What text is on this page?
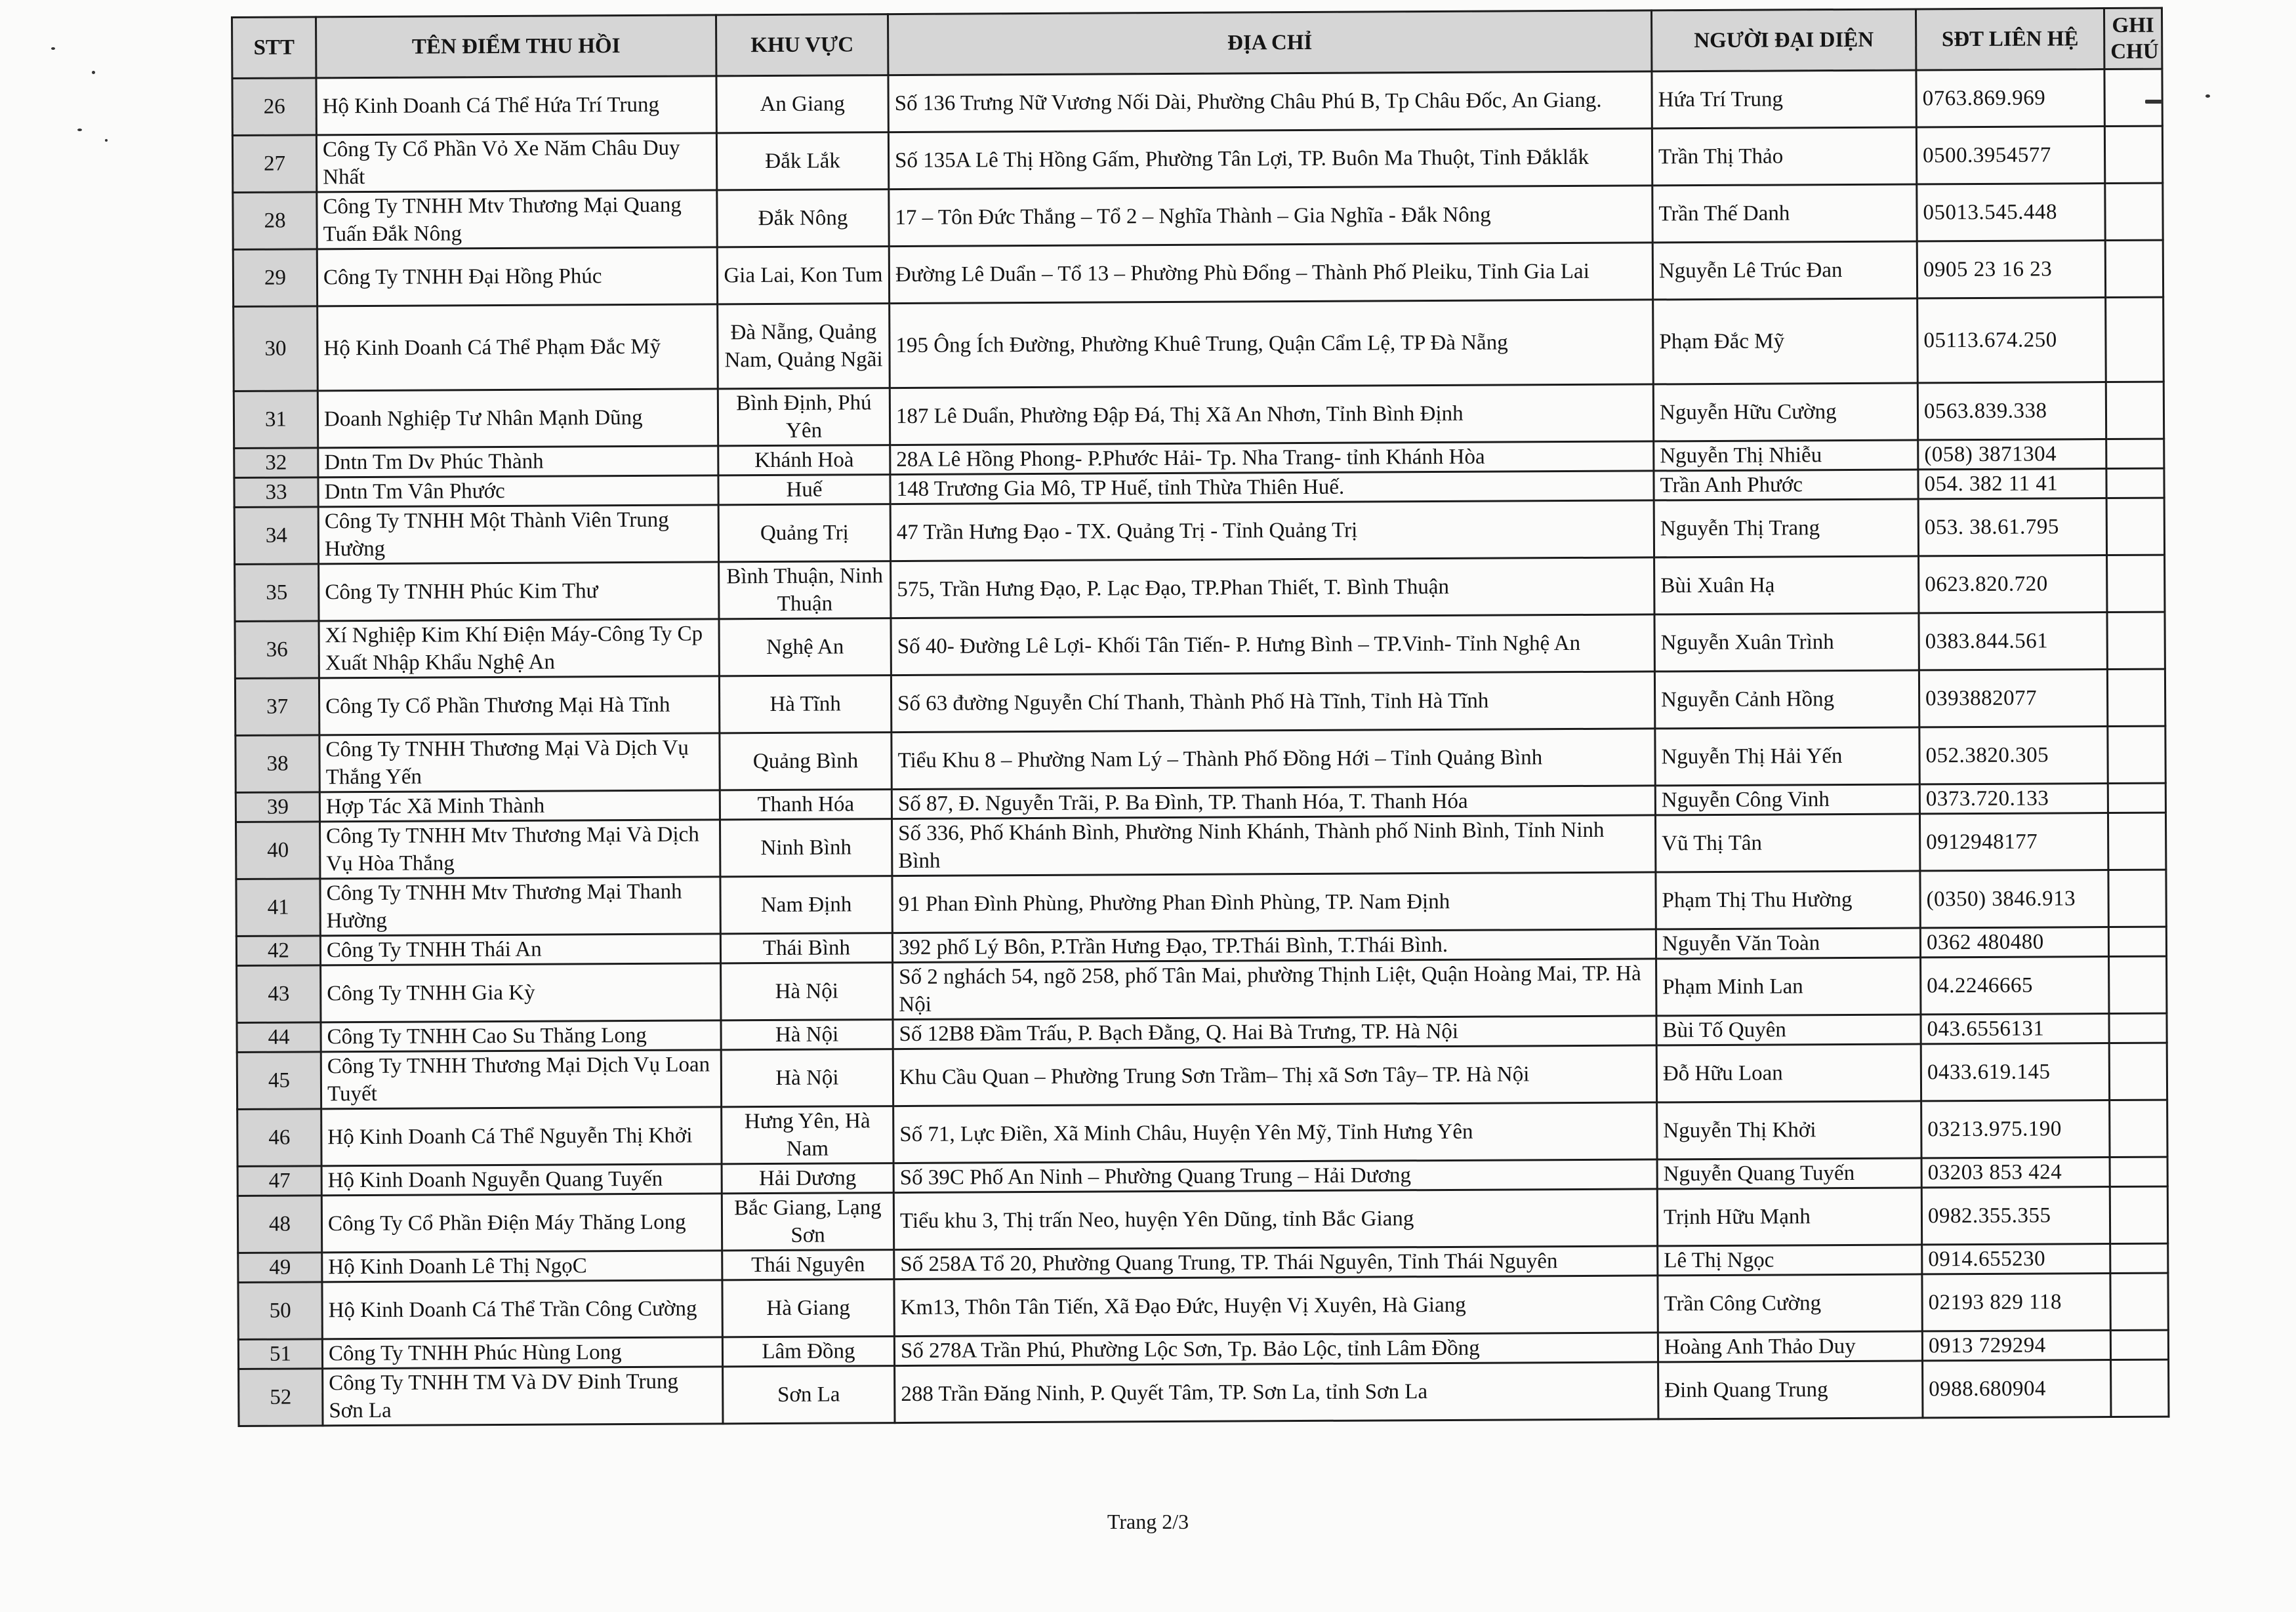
STT	TÊN ĐIỂM THU HỒI	KHU VỰC	ĐỊA CHỈ	NGƯỜI ĐẠI DIỆN	SĐT LIÊN HỆ	GHI CHÚ
26	Hộ Kinh Doanh Cá Thể Hứa Trí Trung	An Giang	Số 136 Trưng Nữ Vương Nối Dài, Phường Châu Phú B, Tp Châu Đốc, An Giang.	Hứa Trí Trung	0763.869.969	
27	Công Ty Cổ Phần Vỏ Xe Năm Châu Duy Nhất	Đắk Lắk	Số 135A Lê Thị Hồng Gấm, Phường Tân Lợi, TP. Buôn Ma Thuột, Tỉnh Đắklắk	Trần Thị Thảo	0500.3954577	
28	Công Ty TNHH Mtv Thương Mại Quang Tuấn Đắk Nông	Đắk Nông	17 – Tôn Đức Thắng – Tổ 2 – Nghĩa Thành – Gia Nghĩa - Đắk Nông	Trần Thế Danh	05013.545.448	
29	Công Ty TNHH Đại Hồng Phúc	Gia Lai, Kon Tum	Đường Lê Duẩn – Tổ 13 – Phường Phù Đổng – Thành Phố Pleiku, Tỉnh Gia Lai	Nguyễn Lê Trúc Đan	0905 23 16 23	
30	Hộ Kinh Doanh Cá Thể Phạm Đắc Mỹ	Đà Nẵng, Quảng Nam, Quảng Ngãi	195 Ông Ích Đường, Phường Khuê Trung, Quận Cẩm Lệ, TP Đà Nẵng	Phạm Đắc Mỹ	05113.674.250	
31	Doanh Nghiệp Tư Nhân Mạnh Dũng	Bình Định, Phú Yên	187 Lê Duẩn, Phường Đập Đá, Thị Xã An Nhơn, Tỉnh Bình Định	Nguyễn Hữu Cường	0563.839.338	
32	Dntn Tm Dv Phúc Thành	Khánh Hoà	28A Lê Hồng Phong- P.Phước Hải- Tp. Nha Trang- tỉnh Khánh Hòa	Nguyễn Thị Nhiễu	(058) 3871304	
33	Dntn Tm Vân Phước	Huế	148 Trương Gia Mô, TP Huế, tỉnh Thừa Thiên Huế.	Trần Anh Phước	054. 382 11 41	
34	Công Ty TNHH Một Thành Viên Trung Hường	Quảng Trị	47 Trần Hưng Đạo - TX. Quảng Trị - Tỉnh Quảng Trị	Nguyễn Thị Trang	053. 38.61.795	
35	Công Ty TNHH Phúc Kim Thư	Bình Thuận, Ninh Thuận	575, Trần Hưng Đạo, P. Lạc Đạo, TP.Phan Thiết, T. Bình Thuận	Bùi Xuân Hạ	0623.820.720	
36	Xí Nghiệp Kim Khí Điện Máy-Công Ty Cp Xuất Nhập Khẩu Nghệ An	Nghệ An	Số 40- Đường Lê Lợi- Khối Tân Tiến- P. Hưng Bình – TP.Vinh- Tỉnh Nghệ An	Nguyễn Xuân Trình	0383.844.561	
37	Công Ty Cổ Phần Thương Mại Hà Tĩnh	Hà Tĩnh	Số 63 đường Nguyễn Chí Thanh, Thành Phố Hà Tĩnh, Tỉnh Hà Tĩnh	Nguyễn Cảnh Hồng	0393882077	
38	Công Ty TNHH Thương Mại Và Dịch Vụ Thắng Yến	Quảng Bình	Tiểu Khu 8 – Phường Nam Lý – Thành Phố Đồng Hới – Tỉnh Quảng Bình	Nguyễn Thị Hải Yến	052.3820.305	
39	Hợp Tác Xã Minh Thành	Thanh Hóa	Số 87, Đ. Nguyễn Trãi, P. Ba Đình, TP. Thanh Hóa, T. Thanh Hóa	Nguyễn Công Vinh	0373.720.133	
40	Công Ty TNHH Mtv Thương Mại Và Dịch Vụ Hòa Thắng	Ninh Bình	Số 336, Phố Khánh Bình, Phường Ninh Khánh, Thành phố Ninh Bình, Tỉnh Ninh Bình	Vũ Thị Tân	0912948177	
41	Công Ty TNHH Mtv Thương Mại Thanh Hường	Nam Định	91 Phan Đình Phùng, Phường Phan Đình Phùng, TP. Nam Định	Phạm Thị Thu Hường	(0350) 3846.913	
42	Công Ty TNHH Thái An	Thái Bình	392 phố Lý Bôn, P.Trần Hưng Đạo, TP.Thái Bình, T.Thái Bình.	Nguyễn Văn Toàn	0362 480480	
43	Công Ty TNHH Gia Kỳ	Hà Nội	Số 2 nghách 54, ngõ 258, phố Tân Mai, phường Thịnh Liệt, Quận Hoàng Mai, TP. Hà Nội	Phạm Minh Lan	04.2246665	
44	Công Ty TNHH Cao Su Thăng Long	Hà Nội	Số 12B8 Đầm Trấu, P. Bạch Đằng, Q. Hai Bà Trưng, TP. Hà Nội	Bùi Tố Quyên	043.6556131	
45	Công Ty TNHH Thương Mại Dịch Vụ Loan Tuyết	Hà Nội	Khu Cầu Quan – Phường Trung Sơn Trầm– Thị xã Sơn Tây– TP. Hà Nội	Đỗ Hữu Loan	0433.619.145	
46	Hộ Kinh Doanh Cá Thể Nguyễn Thị Khởi	Hưng Yên, Hà Nam	Số 71, Lực Điền, Xã Minh Châu, Huyện Yên Mỹ, Tỉnh Hưng Yên	Nguyễn Thị Khởi	03213.975.190	
47	Hộ Kinh Doanh Nguyễn Quang Tuyến	Hải Dương	Số 39C Phố An Ninh – Phường Quang Trung – Hải Dương	Nguyễn Quang Tuyến	03203 853 424	
48	Công Ty Cổ Phần Điện Máy Thăng Long	Bắc Giang, Lạng Sơn	Tiểu khu 3, Thị trấn Neo, huyện Yên Dũng, tỉnh Bắc Giang	Trịnh Hữu Mạnh	0982.355.355	
49	Hộ Kinh Doanh Lê Thị NgọC	Thái Nguyên	Số 258A Tổ 20, Phường Quang Trung, TP. Thái Nguyên, Tỉnh Thái Nguyên	Lê Thị Ngọc	0914.655230	
50	Hộ Kinh Doanh Cá Thể Trần Công Cường	Hà Giang	Km13, Thôn Tân Tiến, Xã Đạo Đức, Huyện Vị Xuyên, Hà Giang	Trần Công Cường	02193 829 118	
51	Công Ty TNHH Phúc Hùng Long	Lâm Đồng	Số 278A Trần Phú, Phường Lộc Sơn, Tp. Bảo Lộc, tỉnh Lâm Đồng	Hoàng Anh Thảo Duy	0913 729294	
52	Công Ty TNHH TM Và DV Đinh Trung Sơn La	Sơn La	288 Trần Đăng Ninh, P. Quyết Tâm, TP. Sơn La, tỉnh Sơn La	Đinh Quang Trung	0988.680904	
Trang 2/3
